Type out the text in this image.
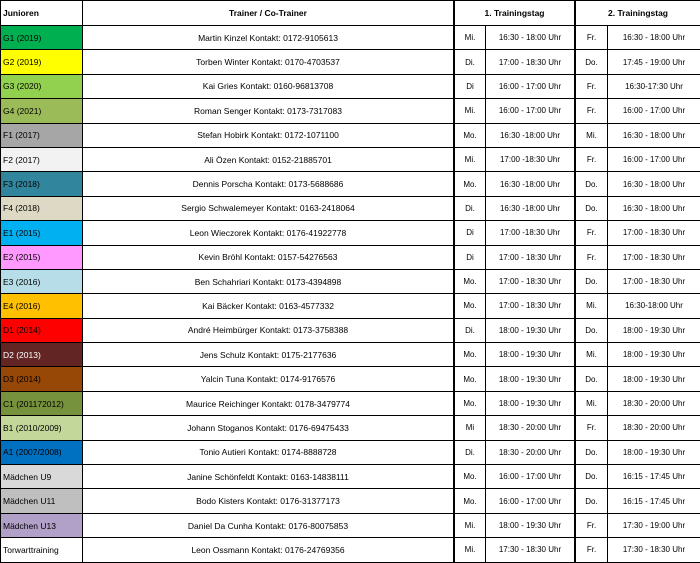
Junioren	Trainer / Co-Trainer		1. Trainingstag		2. Trainingstag	
G1 (2019)	Martin Kinzel Kontakt: 0172-9105613		Mi.	16:30 - 18:00 Uhr		Fr.	16:30 - 18:00 Uhr
G2 (2019)	Torben Winter Kontakt: 0170-4703537		Di.	17:00 - 18:30 Uhr		Do.	17:45 - 19:00 Uhr
G3 (2020)	Kai Gries Kontakt: 0160-96813708		Di	16:00 - 17:00 Uhr		Fr.	16:30-17:30 Uhr
G4 (2021)	Roman Senger Kontakt: 0173-7317083		Mi.	16:00 - 17:00 Uhr		Fr.	16:00 - 17:00 Uhr
F1 (2017)	Stefan Hobirk Kontakt: 0172-1071100		Mo.	16:30 -18:00 Uhr		Mi.	16:30 - 18:00 Uhr
F2 (2017)	Ali Özen Kontakt: 0152-21885701		Mi.	17:00 -18:30 Uhr		Fr.	16:00 - 17:00 Uhr
F3 (2018)	Dennis Porscha Kontakt: 0173-5688686		Mo.	16:30 -18:00 Uhr		Do.	16:30 - 18:00 Uhr
F4 (2018)	Sergio Schwalemeyer Kontakt: 0163-2418064		Di.	16:30 -18:00 Uhr		Do.	16:30 - 18:00 Uhr
E1 (2015)	Leon Wieczorek Kontakt: 0176-41922778		Di	17:00 -18:30 Uhr		Fr.	17:00 - 18:30 Uhr
E2 (2015)	Kevin Bröhl Kontakt: 0157-54276563		Di	17:00 - 18:30 Uhr		Fr.	17:00 - 18:30 Uhr
E3 (2016)	Ben Schahriari Kontakt: 0173-4394898		Mo.	17:00 - 18:30 Uhr		Do.	17:00 - 18:30 Uhr
E4 (2016)	Kai Bäcker Kontakt: 0163-4577332		Mo.	17:00 - 18:30 Uhr		Mi.	16:30-18:00 Uhr
D1 (2014)	André Heimbürger Kontakt: 0173-3758388		Di.	18:00 - 19:30 Uhr		Do.	18:00 - 19:30 Uhr
D2 (2013)	Jens Schulz Kontakt: 0175-2177636		Mo.	18:00 - 19:30 Uhr		Mi.	18:00 - 19:30 Uhr
D3 (2014)	Yalcin Tuna Kontakt: 0174-9176576		Mo.	18:00 - 19:30 Uhr		Do.	18:00 - 19:30 Uhr
C1 (201172012)	Maurice Reichinger Kontakt: 0178-3479774		Mo.	18:00 - 19:30 Uhr		Mi.	18:30 - 20:00 Uhr
B1 (2010/2009)	Johann Stoganos Kontakt: 0176-69475433		Mi	18:30 - 20:00 Uhr		Fr.	18:30 - 20:00 Uhr
A1 (2007/2008)	Tonio Autieri Kontakt: 0174-8888728		Di.	18:30 - 20:00 Uhr		Do.	18:00 - 19:30 Uhr
Mädchen U9	Janine Schönfeldt Kontakt: 0163-14838111		Mo.	16:00 - 17:00 Uhr		Do.	16:15 - 17:45 Uhr
Mädchen U11	Bodo Kisters Kontakt: 0176-31377173		Mo.	16:00 - 17:00 Uhr		Do.	16:15 - 17:45 Uhr
Mädchen U13	Daniel Da Cunha Kontakt: 0176-80075853		Mi.	18:00 - 19:30 Uhr		Fr.	17:30 - 19:00 Uhr
Torwarttraining	Leon Ossmann Kontakt: 0176-24769356		Mi.	17:30 - 18:30 Uhr		Fr.	17:30 - 18:30 Uhr
